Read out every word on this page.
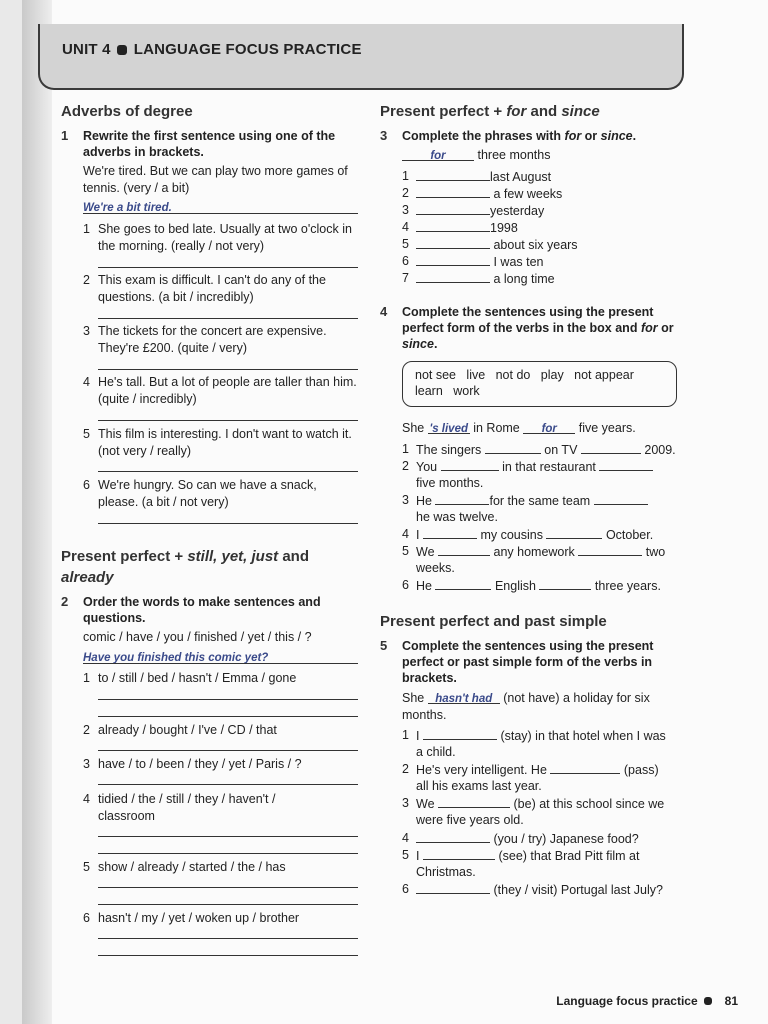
UNIT 4 LANGUAGE FOCUS PRACTICE
Adverbs of degree
1 Rewrite the first sentence using one of the adverbs in brackets.
We're tired. But we can play two more games of tennis. (very / a bit)
We're a bit tired.
1 She goes to bed late. Usually at two o'clock in the morning. (really / not very)
2 This exam is difficult. I can't do any of the questions. (a bit / incredibly)
3 The tickets for the concert are expensive. They're £200. (quite / very)
4 He's tall. But a lot of people are taller than him. (quite / incredibly)
5 This film is interesting. I don't want to watch it. (not very / really)
6 We're hungry. So can we have a snack, please. (a bit / not very)
Present perfect + still, yet, just and
already
2 Order the words to make sentences and questions.
comic / have / you / finished / yet / this / ?
Have you finished this comic yet?
1 to / still / bed / hasn't / Emma / gone
2 already / bought / I've / CD / that
3 have / to / been / they / yet / Paris / ?
4 tidied / the / still / they / haven't /
classroom
5 show / already / started / the / has
6 hasn't / my / yet / woken up / brother
Present perfect + for and since
3 Complete the phrases with for or since.
for	three months
1	last August
2	a few weeks
3	yesterday
4	1998
5	about six years
6	I was ten
7	a long time
4 Complete the sentences using the present perfect form of the verbs in the box and for or since.
not see   live   not do   play   not appear
learn   work
She 's lived in Rome for five years.
1 The singers	on TV	2009.
2 You	in that restaurant
five months.
3 He	for the same team
he was twelve.
4 I	my cousins	October.
5 We	any homework	two
weeks.
6 He	English	three years.
Present perfect and past simple
5 Complete the sentences using the present perfect or past simple form of the verbs in brackets.
She hasn't had (not have) a holiday for six
months.
1 I	(stay) in that hotel when I was
a child.
2 He's very intelligent. He	(pass)
all his exams last year.
3 We	(be) at this school since we
were five years old.
4	(you / try) Japanese food?
5 I	(see) that Brad Pitt film at
Christmas.
6	(they / visit) Portugal last July?
Language focus practice 81
